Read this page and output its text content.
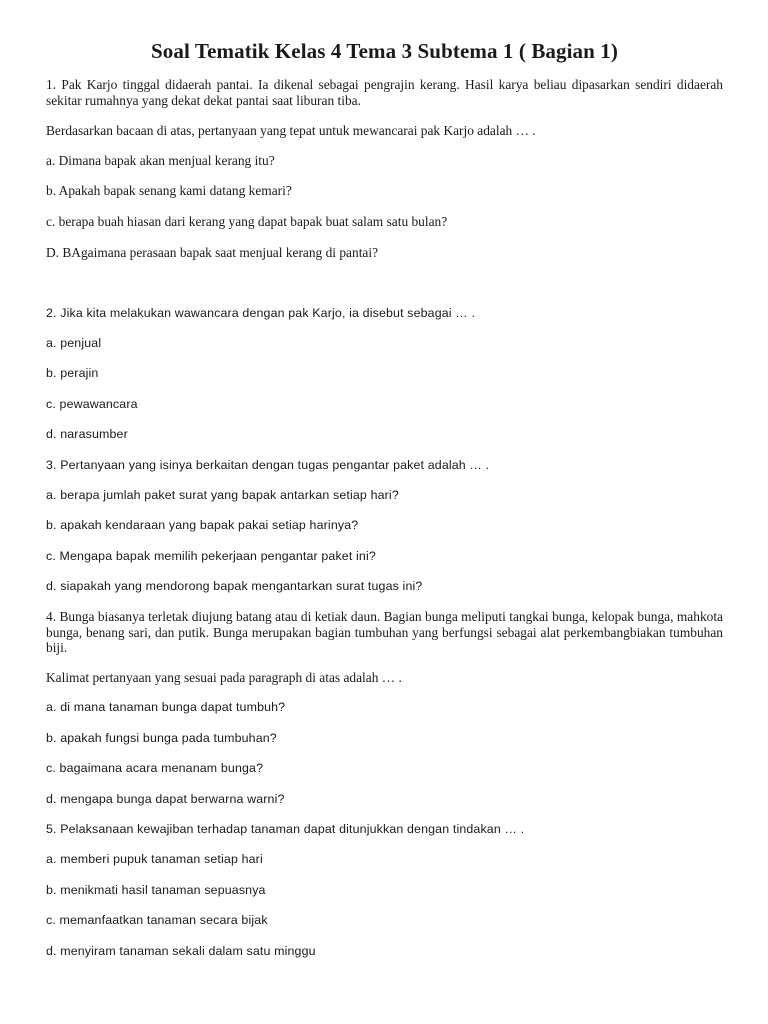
Soal Tematik Kelas 4 Tema 3 Subtema 1 ( Bagian 1)

1. Pak Karjo tinggal didaerah pantai. Ia dikenal sebagai pengrajin kerang. Hasil karya beliau dipasarkan sendiri didaerah sekitar rumahnya yang dekat dekat pantai saat liburan tiba.

Berdasarkan bacaan di atas, pertanyaan yang tepat untuk mewancarai pak Karjo adalah … .

a. Dimana bapak akan menjual kerang itu?

b. Apakah bapak senang kami datang kemari?

c. berapa buah hiasan dari kerang yang dapat bapak buat salam satu bulan?

D. BAgaimana perasaan bapak saat menjual kerang di pantai?

2. Jika kita melakukan wawancara dengan pak Karjo, ia disebut sebagai … .

a. penjual

b. perajin

c. pewawancara

d. narasumber

3. Pertanyaan yang isinya berkaitan dengan tugas pengantar paket adalah … .

a. berapa jumlah paket surat yang bapak antarkan setiap hari?

b. apakah kendaraan yang bapak pakai setiap harinya?

c. Mengapa bapak memilih pekerjaan pengantar paket ini?

d. siapakah yang mendorong bapak mengantarkan surat tugas ini?

4. Bunga biasanya terletak diujung batang atau di ketiak daun. Bagian bunga meliputi tangkai bunga, kelopak bunga, mahkota bunga, benang sari, dan putik. Bunga merupakan bagian tumbuhan yang berfungsi sebagai alat perkembangbiakan tumbuhan biji.

Kalimat pertanyaan yang sesuai pada paragraph di atas adalah … .

a. di mana tanaman bunga dapat tumbuh?

b. apakah fungsi bunga pada tumbuhan?

c. bagaimana acara menanam bunga?

d. mengapa bunga dapat berwarna warni?

5. Pelaksanaan kewajiban terhadap tanaman dapat ditunjukkan dengan tindakan … .

a. memberi pupuk tanaman setiap hari

b. menikmati hasil tanaman sepuasnya

c. memanfaatkan tanaman secara bijak

d. menyiram tanaman sekali dalam satu minggu
